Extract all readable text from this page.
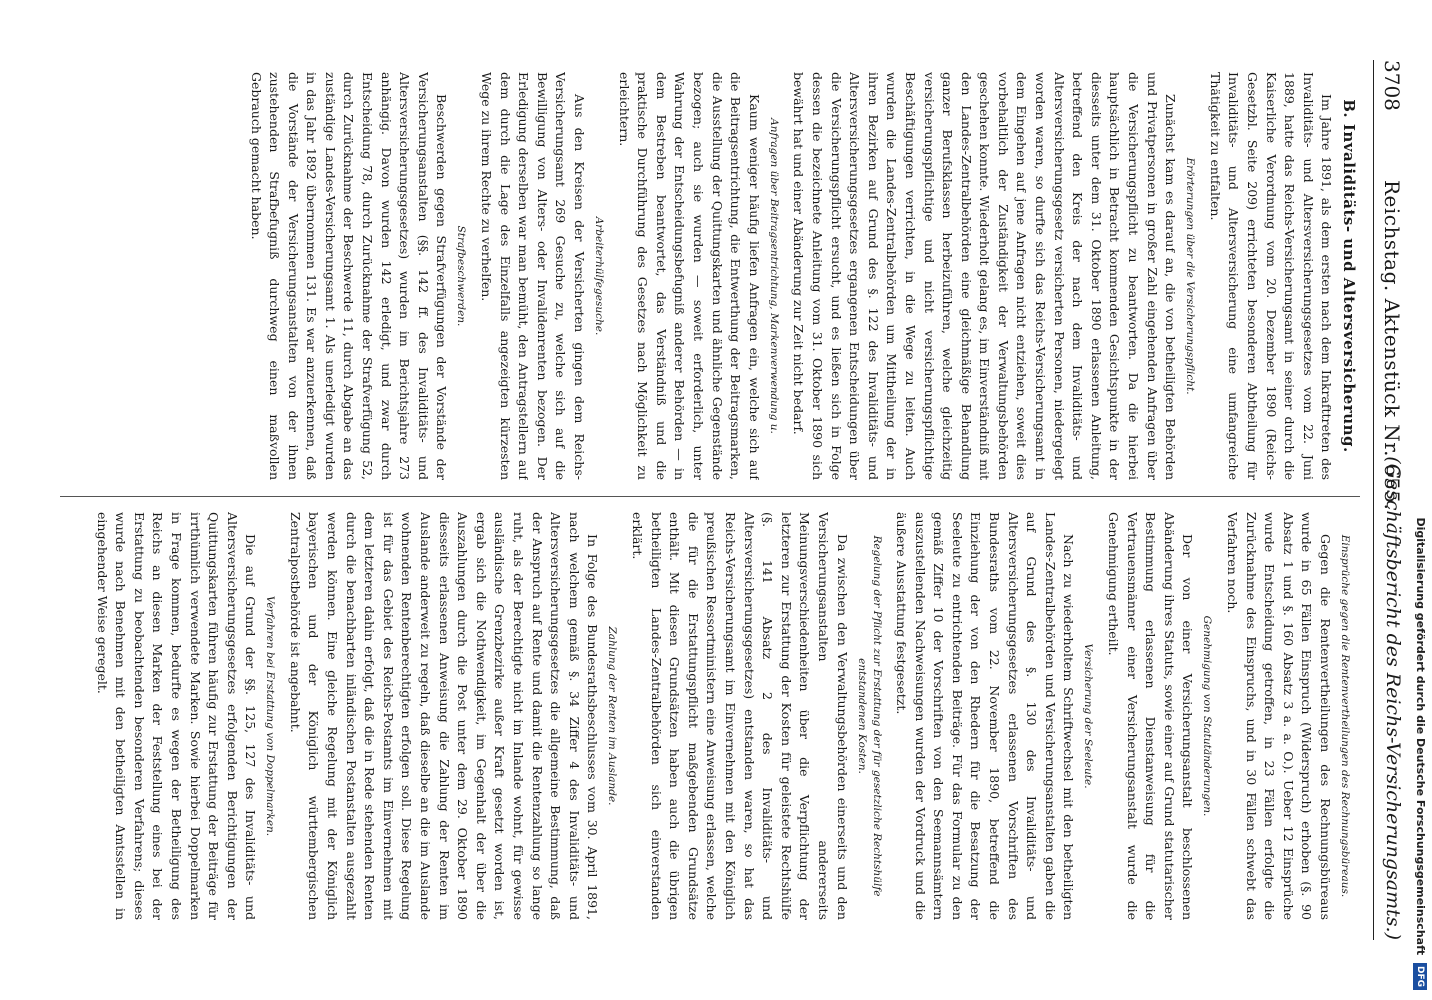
3708
Reichstag. Aktenstück Nr. 655.
(Geschäftsbericht des Reichs-Versicherungsamts.)
B. Invaliditäts- und Altersversicherung.

Im Jahre 1891, als dem ersten nach dem Inkrafttreten des Invaliditäts- und Altersversicherungsgesetzes vom 22. Juni 1889, hatte das Reichs-Versicherungsamt in seiner durch die Kaiserliche Verordnung vom 20. Dezember 1890 (Reichs-Gesetzbl. Seite 209) errichteten besonderen Abtheilung für Invaliditäts- und Altersversicherung eine umfangreiche Thätigkeit zu entfalten.

Erörterungen über die Versicherungspflicht.

Zunächst kam es darauf an, die von betheiligten Behörden und Privatpersonen in großer Zahl eingehenden Anfragen über die Versicherungspflicht zu beantworten. Da die hierbei hauptsächlich in Betracht kommenden Gesichtspunkte in der diesseits unter dem 31. Oktober 1890 erlassenen Anleitung, betreffend den Kreis der nach dem Invaliditäts- und Altersversicherungsgesetz versicherten Personen, niedergelegt worden waren, so durfte sich das Reichs-Versicherungsamt in dem Eingehen auf jene Anfragen nicht entziehen, soweit dies vorbehaltlich der Zuständigkeit der Verwaltungsbehörden geschehen konnte. Wiederholt gelang es, im Einverständniß mit den Landes-Zentralbehörden eine gleichmäßige Behandlung ganzer Berufsklassen herbeizuführen, welche gleichzeitig versicherungspflichtige und nicht versicherungspflichtige Beschäftigungen verrichten, in die Wege zu leiten. Auch wurden die Landes-Zentralbehörden um Mittheilung der in ihren Bezirken auf Grund des §. 122 des Invaliditäts- und Altersversicherungsgesetzes ergangenen Entscheidungen über die Versicherungspflicht ersucht, und es ließen sich in Folge dessen die bezeichnete Anleitung vom 31. Oktober 1890 sich bewährt hat und einer Abänderung zur Zeit nicht bedarf.

Anfragen über Beitragsentrichtung, Markenverwendung u.

Kaum weniger häufig liefen Anfragen ein, welche sich auf die Beitragsentrichtung, die Entwerthung der Beitragsmarken, die Ausstellung der Quittungskarten und ähnliche Gegenstände bezogen; auch sie wurden — soweit erforderlich, unter Wahrung der Entscheidungsbefugniß anderer Behörden — in dem Bestreben beantwortet, das Verständniß und die praktische Durchführung des Gesetzes nach Möglichkeit zu erleichtern.

Arbeiterhülfegesuche.

Aus den Kreisen der Versicherten gingen dem Reichs-Versicherungsamt 269 Gesuche zu, welche sich auf die Bewilligung von Alters- oder Invalidenrenten bezogen. Der Erledigung derselben war man bemüht, den Antragstellern auf dem durch die Lage des Einzelfalls angezeigten kürzesten Wege zu ihrem Rechte zu verhelfen.

Strafbeschwerden.

Beschwerden gegen Strafverfügungen der Vorstände der Versicherungsanstalten (§§. 142 ff. des Invaliditäts- und Altersversicherungsgesetzes) wurden im Berichtsjahre 273 anhängig. Davon wurden 142 erledigt, und zwar durch Entscheidung 78, durch Zurücknahme der Strafverfügung 52, durch Zurücknahme der Beschwerde 11, durch Abgabe an das zuständige Landes-Versicherungsamt 1. Als unerledigt wurden in das Jahr 1892 übernommen 131. Es war anzuerkennen, daß die Vorstände der Versicherungsanstalten von der ihnen zustehenden Strafbefugniß durchweg einen maßvollen Gebrauch gemacht haben.

Einsprüche gegen die Rentenvertheilungen des Rechnungsbüreaus.

Gegen die Rentenvertheilungen des Rechnungsbüreaus wurde in 65 Fällen Einspruch (Widerspruch) erhoben (§. 90 Absatz 1 und §. 160 Absatz 3 a. a. O.). Ueber 12 Einsprüche wurde Entscheidung getroffen, in 23 Fällen erfolgte die Zurücknahme des Einspruchs, und in 30 Fällen schwebt das Verfahren noch.

Genehmigung von Statutänderungen.

Der von einer Versicherungsanstalt beschlossenen Abänderung ihres Statuts, sowie einer auf Grund statutarischer Bestimmung erlassenen Dienstanweisung für die Vertrauensmänner einer Versicherungsanstalt wurde die Genehmigung ertheilt.

Versicherung der Seeleute.

Nach zu wiederholtem Schriftwechsel mit den betheiligten Landes-Zentralbehörden und Versicherungsanstalten gaben die auf Grund des §. 130 des Invaliditäts- und Altersversicherungsgesetzes erlassenen Vorschriften des Bundesraths vom 22. November 1890, betreffend die Einziehung der von den Rhedern für die Besatzung der Seeleute zu entrichtenden Beiträge. Für das Formular zu den gemäß Ziffer 10 der Vorschriften von den Seemannsämtern auszustellenden Nachweisungen wurden der Vordruck und die äußere Ausstattung festgesetzt.

Regelung der Pflicht zur Erstattung der für gesetzliche Rechtshülfe entstandenen Kosten.

Da zwischen den Verwaltungsbehörden einerseits und den Versicherungsanstalten andererseits Meinungsverschiedenheiten über die Verpflichtung der letzteren zur Erstattung der Kosten für geleistete Rechtshülfe (§. 141 Absatz 2 des Invaliditäts- und Altersversicherungsgesetzes) entstanden waren, so hat das Reichs-Versicherungsamt im Einvernehmen mit den Königlich preußischen Ressortministern eine Anweisung erlassen, welche die für die Erstattungspflicht maßgebenden Grundsätze enthält. Mit diesen Grundsätzen haben auch die übrigen betheiligten Landes-Zentralbehörden sich einverstanden erklärt.

Zahlung der Renten im Auslande.

In Folge des Bundesrathsbeschlusses vom 30. April 1891, nach welchem gemäß §. 34 Ziffer 4 des Invaliditäts- und Altersversicherungsgesetzes die allgemeine Bestimmung, daß der Anspruch auf Rente und damit die Rentenzahlung so lange ruht, als der Berechtigte nicht im Inlande wohnt, für gewisse ausländische Grenzbezirke außer Kraft gesetzt worden ist, ergab sich die Nothwendigkeit, im Gegenhalt der über die Auszahlungen durch die Post unter dem 29. Oktober 1890 diesseits erlassenen Anweisung die Zahlung der Renten im Auslande anderweit zu regeln, daß dieselbe an die im Auslande wohnenden Rentenberechtigten erfolgen soll. Diese Regelung ist für das Gebiet des Reichs-Postamts im Einvernehmen mit dem letzteren dahin erfolgt, daß die in Rede stehenden Renten durch die benachbarten inländischen Postanstalten ausgezahlt werden können. Eine gleiche Regelung mit der Königlich bayerischen und der Königlich württembergischen Zentralpostbehörde ist angebahnt.

Verfahren bei Erstattung von Doppelmarken.

Die auf Grund der §§. 125, 127 des Invaliditäts- und Altersversicherungsgesetzes erfolgenden Berichtigungen der Quittungskarten führen häufig zur Erstattung der Beiträge für irrthümlich verwendete Marken. Sowie hierbei Doppelmarken in Frage kommen, bedurfte es wegen der Betheiligung des Reichs an diesen Marken der Feststellung eines bei der Erstattung zu beobachtenden besonderen Verfahrens; dieses wurde nach Benehmen mit den betheiligten Amtsstellen in eingehender Weise geregelt.	Digitalisierung gefördert durch die Deutsche Forschungsgemeinschaft DFG
